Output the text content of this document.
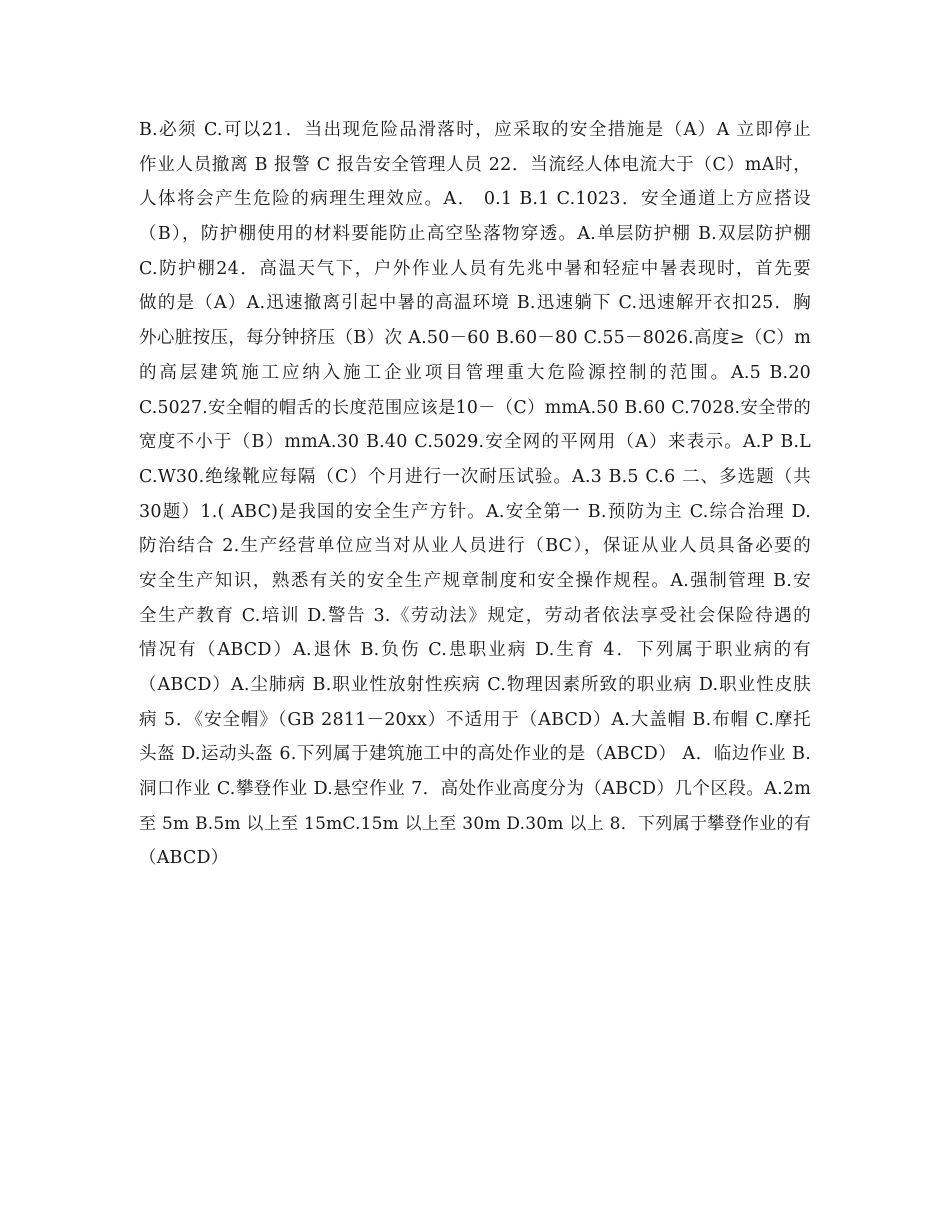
B.必须 C.可以21．当出现危险品滑落时，应采取的安全措施是（A）A 立即停止
作业人员撤离 B 报警 C 报告安全管理人员 22．当流经人体电流大于（C）mA时，
人体将会产生危险的病理生理效应。A． 0.1 B.1 C.1023．安全通道上方应搭设
（B），防护棚使用的材料要能防止高空坠落物穿透。A.单层防护棚 B.双层防护棚
C.防护棚24．高温天气下，户外作业人员有先兆中暑和轻症中暑表现时，首先要
做的是（A）A.迅速撤离引起中暑的高温环境 B.迅速躺下 C.迅速解开衣扣25．胸
外心脏按压，每分钟挤压（B）次 A.50－60 B.60－80 C.55－8026.高度≥（C）m
的高层建筑施工应纳入施工企业项目管理重大危险源控制的范围。A.5 B.20
C.5027.安全帽的帽舌的长度范围应该是10－（C）mmA.50 B.60 C.7028.安全带的
宽度不小于（B）mmA.30 B.40 C.5029.安全网的平网用（A）来表示。A.P B.L
C.W30.绝缘靴应每隔（C）个月进行一次耐压试验。A.3 B.5 C.6 二、多选题（共
30题）1.( ABC)是我国的安全生产方针。A.安全第一 B.预防为主 C.综合治理 D.
防治结合 2.生产经营单位应当对从业人员进行（BC），保证从业人员具备必要的
安全生产知识，熟悉有关的安全生产规章制度和安全操作规程。A.强制管理 B.安
全生产教育 C.培训 D.警告 3.《劳动法》规定，劳动者依法享受社会保险待遇的
情况有（ABCD）A.退休 B.负伤 C.患职业病 D.生育 4．下列属于职业病的有
（ABCD）A.尘肺病 B.职业性放射性疾病 C.物理因素所致的职业病 D.职业性皮肤
病 5．《安全帽》（GB 2811－20xx）不适用于（ABCD）A.大盖帽 B.布帽 C.摩托
头盔 D.运动头盔 6.下列属于建筑施工中的高处作业的是（ABCD） A．临边作业 B.
洞口作业 C.攀登作业 D.悬空作业 7．高处作业高度分为（ABCD）几个区段。A.2m
至 5m B.5m 以上至 15mC.15m 以上至 30m D.30m 以上 8．下列属于攀登作业的有
（ABCD）
